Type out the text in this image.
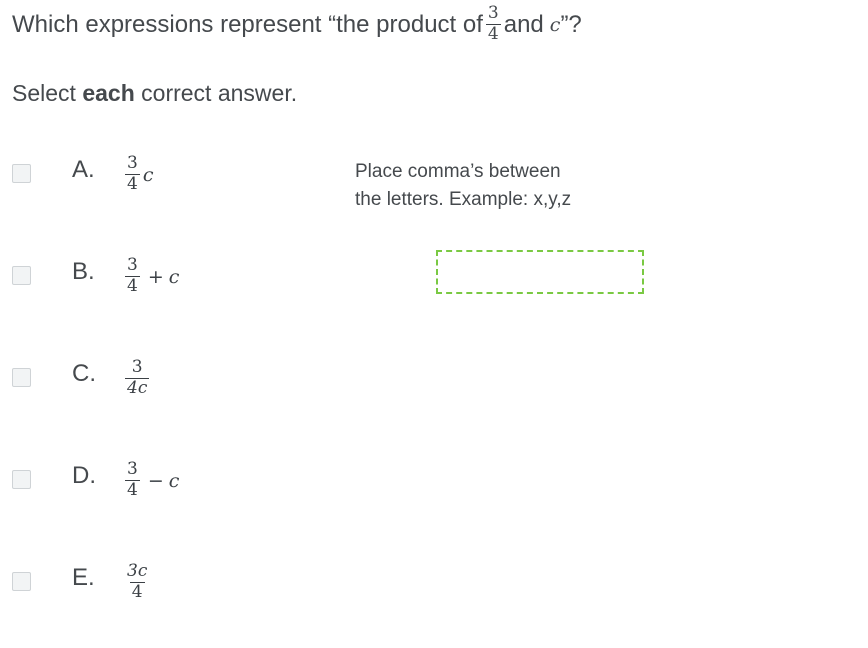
Which expressions represent “the product of $\frac{3}{4}$ and c ”?
Select each correct answer.
A. $\frac{3}{4}$ c
B. $\frac{3}{4} + c$
C. $\frac{3}{4c}$
D. $\frac{3}{4} - c$
E. $\frac{3c}{4}$
Place comma’s between
the letters. Example: x,y,z
